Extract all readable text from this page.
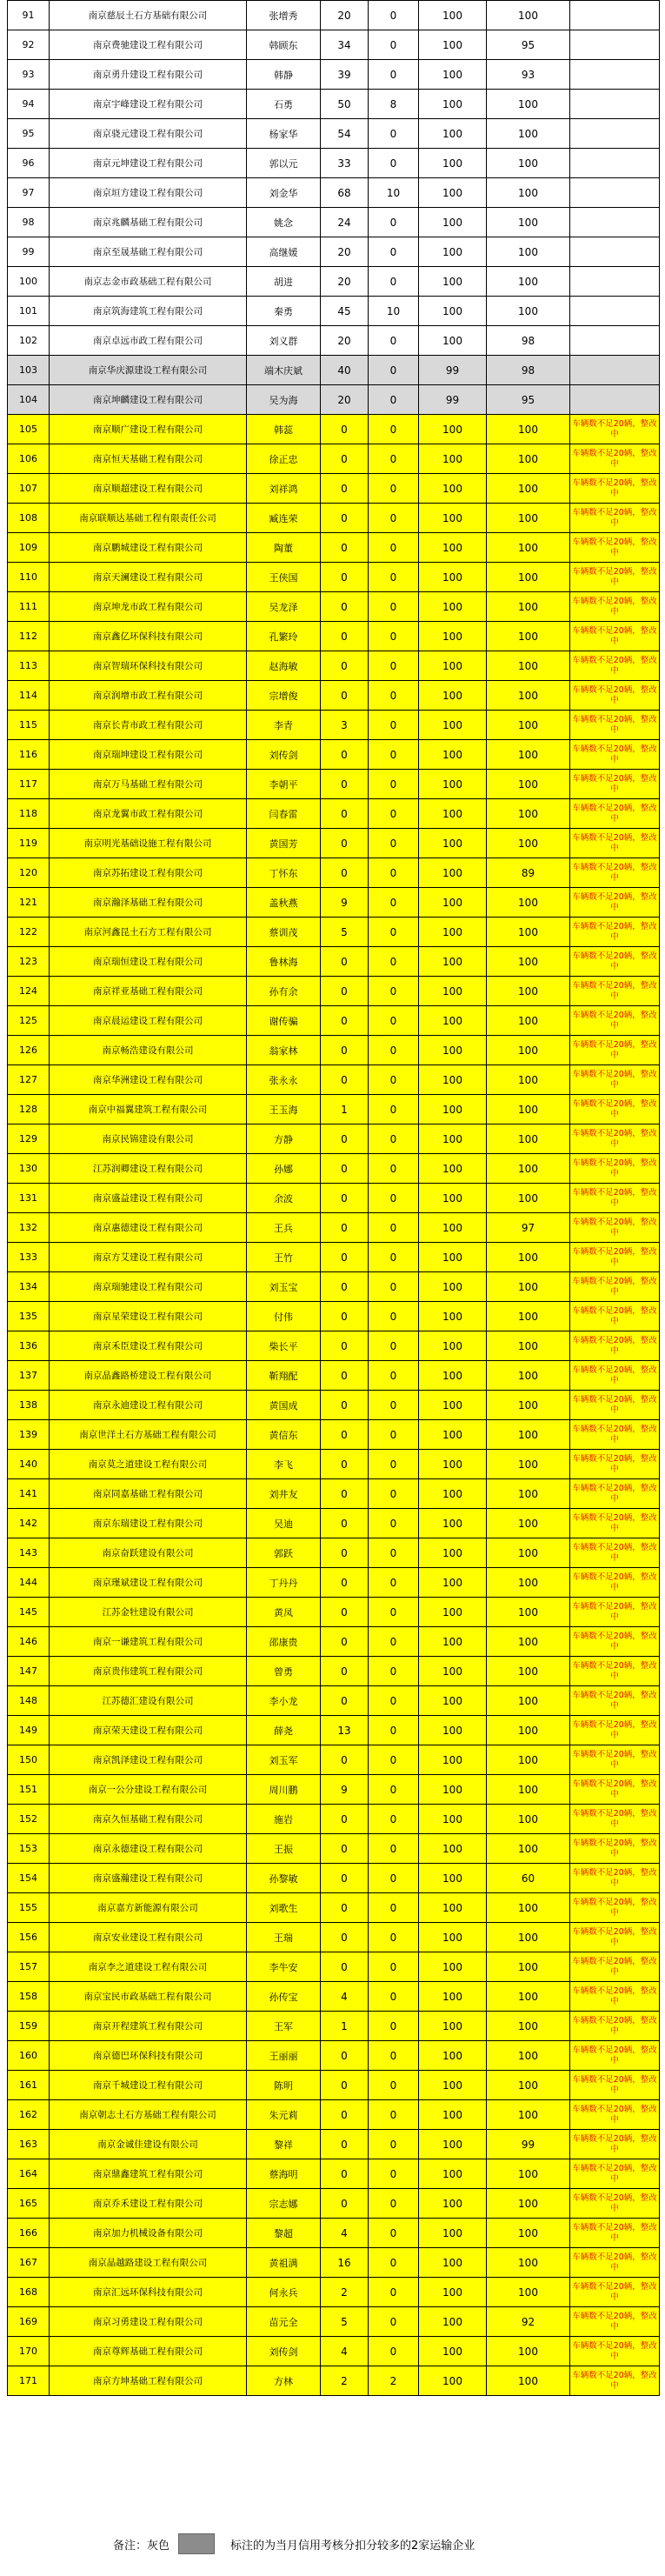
91	南京慈辰土石方基础有限公司	张增秀	20	0	100	100	
92	南京费驰建设工程有限公司	韩顾东	34	0	100	95	
93	南京勇升建设工程有限公司	韩静	39	0	100	93	
94	南京宇峰建设工程有限公司	石勇	50	8	100	100	
95	南京骁元建设工程有限公司	杨家华	54	0	100	100	
96	南京元坤建设工程有限公司	郭以元	33	0	100	100	
97	南京垣方建设工程有限公司	刘金华	68	10	100	100	
98	南京兆麟基础工程有限公司	姚念	24	0	100	100	
99	南京至晟基础工程有限公司	高继媛	20	0	100	100	
100	南京志金市政基础工程有限公司	胡进	20	0	100	100	
101	南京筑海建筑工程有限公司	秦勇	45	10	100	100	
102	南京卓远市政工程有限公司	刘义群	20	0	100	98	
103	南京华庆源建设工程有限公司	端木庆斌	40	0	99	98	
104	南京坤麟建设工程有限公司	吴为海	20	0	99	95	
105	南京顺广建设工程有限公司	韩蕊	0	0	100	100	车辆数不足20辆，整改中
106	南京恒天基础工程有限公司	徐正忠	0	0	100	100	车辆数不足20辆，整改中
107	南京顺超建设工程有限公司	刘祥鸿	0	0	100	100	车辆数不足20辆，整改中
108	南京联顺达基础工程有限责任公司	臧连荣	0	0	100	100	车辆数不足20辆，整改中
109	南京鹏城建设工程有限公司	陶董	0	0	100	100	车辆数不足20辆，整改中
110	南京天澜建设工程有限公司	王侠国	0	0	100	100	车辆数不足20辆，整改中
111	南京坤龙市政工程有限公司	吴龙泽	0	0	100	100	车辆数不足20辆，整改中
112	南京鑫亿环保科技有限公司	孔繁玲	0	0	100	100	车辆数不足20辆，整改中
113	南京智瑞环保科技有限公司	赵海敏	0	0	100	100	车辆数不足20辆，整改中
114	南京润增市政工程有限公司	宗增俊	0	0	100	100	车辆数不足20辆，整改中
115	南京长青市政工程有限公司	李青	3	0	100	100	车辆数不足20辆，整改中
116	南京瑞坤建设工程有限公司	刘传剑	0	0	100	100	车辆数不足20辆，整改中
117	南京万马基础工程有限公司	李朝平	0	0	100	100	车辆数不足20辆，整改中
118	南京龙翼市政工程有限公司	闫春雷	0	0	100	100	车辆数不足20辆，整改中
119	南京明光基础设施工程有限公司	黄国芳	0	0	100	100	车辆数不足20辆，整改中
120	南京苏拓建设工程有限公司	丁怀东	0	0	100	89	车辆数不足20辆，整改中
121	南京瀚泽基础工程有限公司	盖秋燕	9	0	100	100	车辆数不足20辆，整改中
122	南京河鑫昆土石方工程有限公司	蔡训茂	5	0	100	100	车辆数不足20辆，整改中
123	南京瑞恒建设工程有限公司	鲁林海	0	0	100	100	车辆数不足20辆，整改中
124	南京祥亚基础工程有限公司	孙有余	0	0	100	100	车辆数不足20辆，整改中
125	南京晨运建设工程有限公司	谢传骗	0	0	100	100	车辆数不足20辆，整改中
126	南京畅浩建设有限公司	翁家林	0	0	100	100	车辆数不足20辆，整改中
127	南京华洲建设工程有限公司	张永永	0	0	100	100	车辆数不足20辆，整改中
128	南京中福翼建筑工程有限公司	王玉海	1	0	100	100	车辆数不足20辆，整改中
129	南京民锦建设有限公司	方静	0	0	100	100	车辆数不足20辆，整改中
130	江苏润卿建设工程有限公司	孙娜	0	0	100	100	车辆数不足20辆，整改中
131	南京盛益建设工程有限公司	余波	0	0	100	100	车辆数不足20辆，整改中
132	南京惠德建设工程有限公司	王兵	0	0	100	97	车辆数不足20辆，整改中
133	南京方艾建设工程有限公司	王竹	0	0	100	100	车辆数不足20辆，整改中
134	南京瑞驰建设工程有限公司	刘玉宝	0	0	100	100	车辆数不足20辆，整改中
135	南京星荣建设工程有限公司	付伟	0	0	100	100	车辆数不足20辆，整改中
136	南京禾臣建设工程有限公司	柴长平	0	0	100	100	车辆数不足20辆，整改中
137	南京晶鑫路桥建设工程有限公司	靳翔配	0	0	100	100	车辆数不足20辆，整改中
138	南京永迪建设工程有限公司	黄国成	0	0	100	100	车辆数不足20辆，整改中
139	南京世洋土石方基础工程有限公司	黄信东	0	0	100	100	车辆数不足20辆，整改中
140	南京莫之道建设工程有限公司	李飞	0	0	100	100	车辆数不足20辆，整改中
141	南京同嘉基础工程有限公司	刘井友	0	0	100	100	车辆数不足20辆，整改中
142	南京东瑞建设工程有限公司	吴迪	0	0	100	100	车辆数不足20辆，整改中
143	南京奋跃建设有限公司	郭跃	0	0	100	100	车辆数不足20辆，整改中
144	南京瑾斌建设工程有限公司	丁丹丹	0	0	100	100	车辆数不足20辆，整改中
145	江苏金牡建设有限公司	黄凤	0	0	100	100	车辆数不足20辆，整改中
146	南京一谦建筑工程有限公司	邵康贵	0	0	100	100	车辆数不足20辆，整改中
147	南京贵伟建筑工程有限公司	曾勇	0	0	100	100	车辆数不足20辆，整改中
148	江苏德汇建设有限公司	李小龙	0	0	100	100	车辆数不足20辆，整改中
149	南京荣天建设工程有限公司	薛尧	13	0	100	100	车辆数不足20辆，整改中
150	南京凯泽建设工程有限公司	刘玉军	0	0	100	100	车辆数不足20辆，整改中
151	南京一公分建设工程有限公司	周川鹏	9	0	100	100	车辆数不足20辆，整改中
152	南京久恒基础工程有限公司	施岩	0	0	100	100	车辆数不足20辆，整改中
153	南京永德建设工程有限公司	王振	0	0	100	100	车辆数不足20辆，整改中
154	南京盛瀚建设工程有限公司	孙黎敏	0	0	100	60	车辆数不足20辆，整改中
155	南京嘉方新能源有限公司	刘歌生	0	0	100	100	车辆数不足20辆，整改中
156	南京安业建设工程有限公司	王瑞	0	0	100	100	车辆数不足20辆，整改中
157	南京李之道建设工程有限公司	李牛安	0	0	100	100	车辆数不足20辆，整改中
158	南京宝民市政基础工程有限公司	孙传宝	4	0	100	100	车辆数不足20辆，整改中
159	南京开程建筑工程有限公司	王军	1	0	100	100	车辆数不足20辆，整改中
160	南京德巴环保科技有限公司	王丽丽	0	0	100	100	车辆数不足20辆，整改中
161	南京千城建设工程有限公司	陈明	0	0	100	100	车辆数不足20辆，整改中
162	南京朝志土石方基础工程有限公司	朱元莉	0	0	100	100	车辆数不足20辆，整改中
163	南京金诚佳建设有限公司	黎祥	0	0	100	99	车辆数不足20辆，整改中
164	南京鼎鑫建筑工程有限公司	蔡海明	0	0	100	100	车辆数不足20辆，整改中
165	南京乔禾建设工程有限公司	宗志娜	0	0	100	100	车辆数不足20辆，整改中
166	南京加力机械设备有限公司	黎超	4	0	100	100	车辆数不足20辆，整改中
167	南京晶越路建设工程有限公司	黄祖满	16	0	100	100	车辆数不足20辆，整改中
168	南京汇远环保科技有限公司	何永兵	2	0	100	100	车辆数不足20辆，整改中
169	南京习勇建设工程有限公司	苗元全	5	0	100	92	车辆数不足20辆，整改中
170	南京尊辉基础工程有限公司	刘传剑	4	0	100	100	车辆数不足20辆，整改中
171	南京方坤基础工程有限公司	方林	2	2	100	100	车辆数不足20辆，整改中
备注：灰色	标注的为当月信用考核分扣分较多的2家运输企业
